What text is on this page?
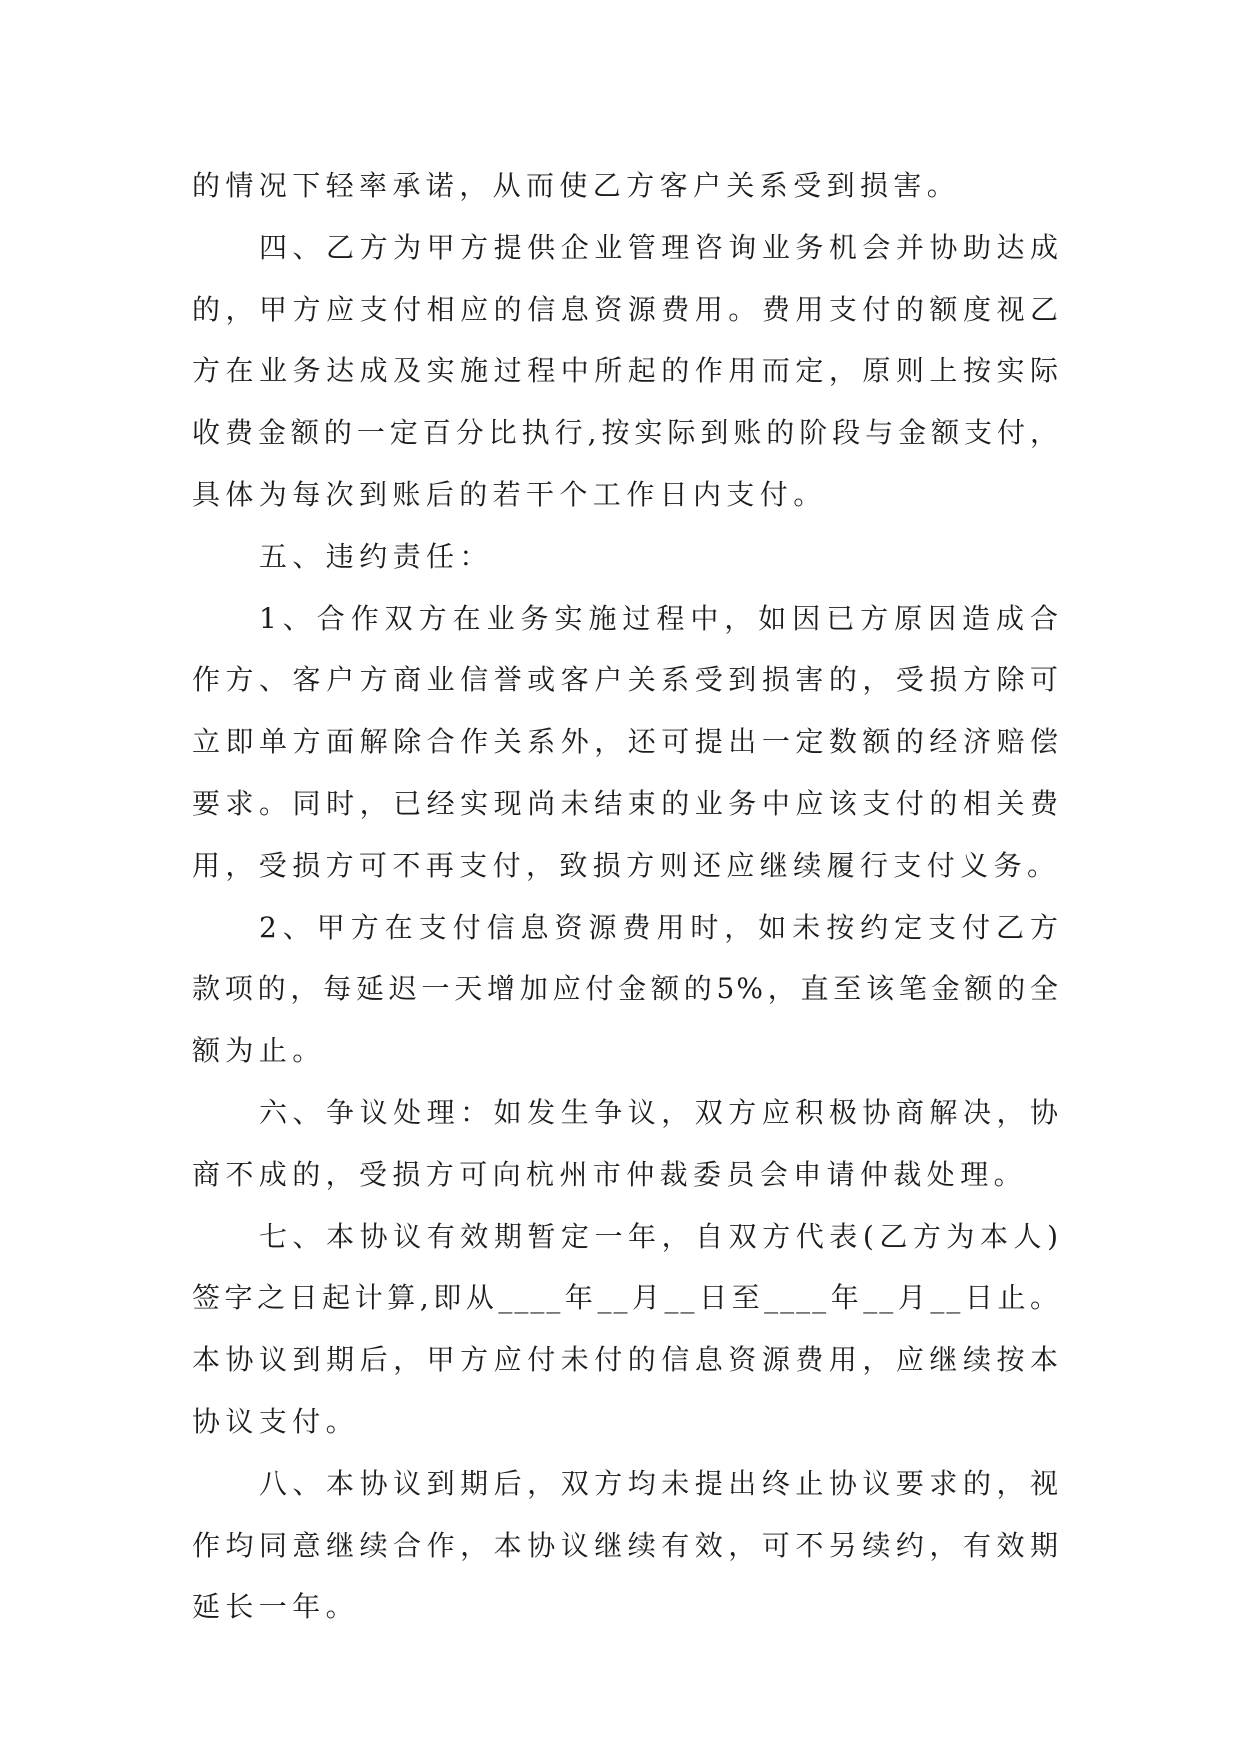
的情况下轻率承诺，从而使乙方客户关系受到损害。
四、乙方为甲方提供企业管理咨询业务机会并协助达成
的，甲方应支付相应的信息资源费用。费用支付的额度视乙
方在业务达成及实施过程中所起的作用而定，原则上按实际
收费金额的一定百分比执行,按实际到账的阶段与金额支付，
具体为每次到账后的若干个工作日内支付。
五、违约责任：
1、合作双方在业务实施过程中，如因已方原因造成合
作方、客户方商业信誉或客户关系受到损害的，受损方除可
立即单方面解除合作关系外，还可提出一定数额的经济赔偿
要求。同时，已经实现尚未结束的业务中应该支付的相关费
用，受损方可不再支付，致损方则还应继续履行支付义务。
2、甲方在支付信息资源费用时，如未按约定支付乙方
款项的，每延迟一天增加应付金额的5%，直至该笔金额的全
额为止。
六、争议处理：如发生争议，双方应积极协商解决，协
商不成的，受损方可向杭州市仲裁委员会申请仲裁处理。
七、本协议有效期暂定一年，自双方代表(乙方为本人)
签字之日起计算,即从____年__月__日至____年__月__日止。
本协议到期后，甲方应付未付的信息资源费用，应继续按本
协议支付。
八、本协议到期后，双方均未提出终止协议要求的，视
作均同意继续合作，本协议继续有效，可不另续约，有效期
延长一年。
